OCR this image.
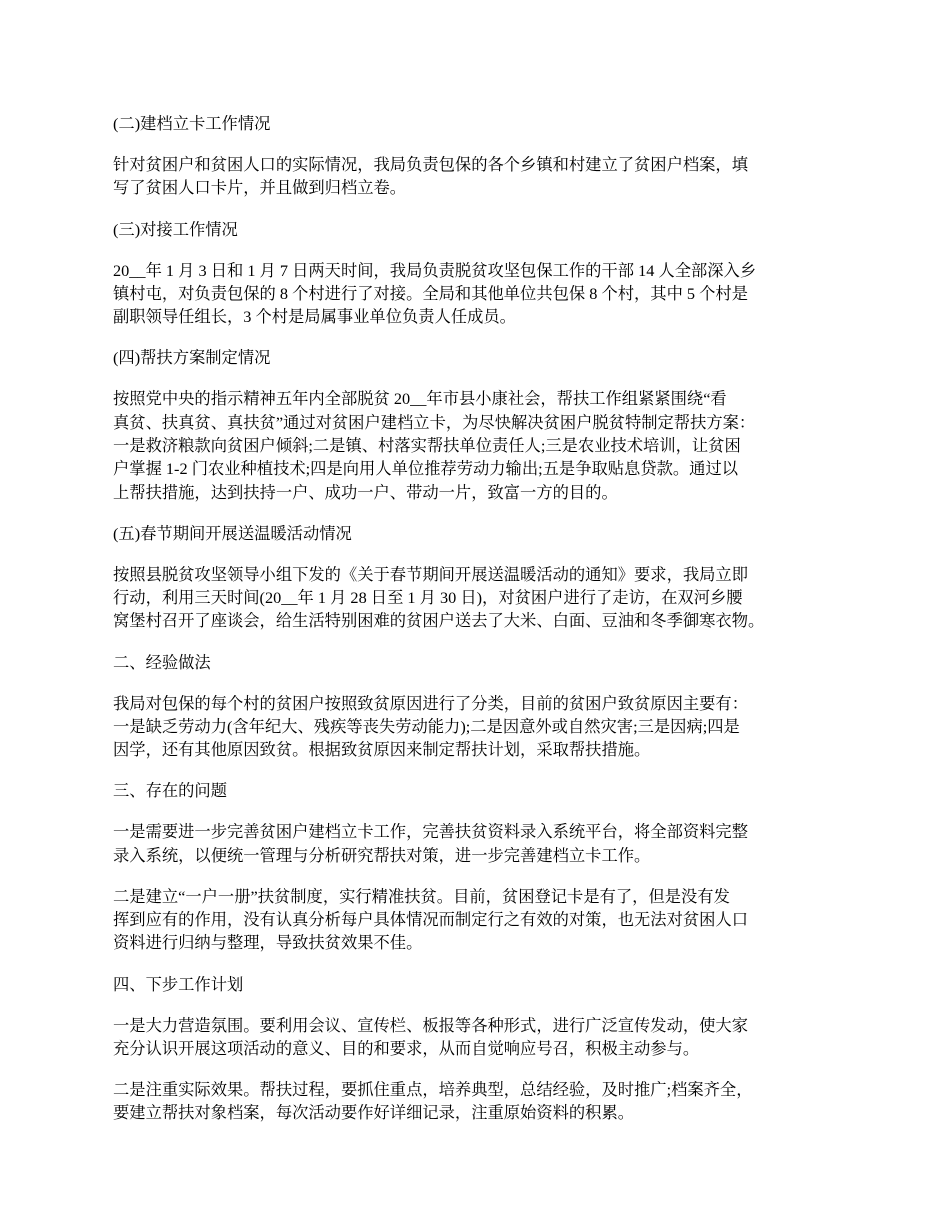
(二)建档立卡工作情况
针对贫困户和贫困人口的实际情况，我局负责包保的各个乡镇和村建立了贫困户档案，填
写了贫困人口卡片，并且做到归档立卷。
(三)对接工作情况
20__年 1 月 3 日和 1 月 7 日两天时间，我局负责脱贫攻坚包保工作的干部 14 人全部深入乡
镇村屯，对负责包保的 8 个村进行了对接。全局和其他单位共包保 8 个村，其中 5 个村是
副职领导任组长，3 个村是局属事业单位负责人任成员。
(四)帮扶方案制定情况
按照党中央的指示精神五年内全部脱贫 20__年市县小康社会，帮扶工作组紧紧围绕“看
真贫、扶真贫、真扶贫”通过对贫困户建档立卡，为尽快解决贫困户脱贫特制定帮扶方案：
一是救济粮款向贫困户倾斜;二是镇、村落实帮扶单位责任人;三是农业技术培训，让贫困
户掌握 1-2 门农业种植技术;四是向用人单位推荐劳动力输出;五是争取贴息贷款。通过以
上帮扶措施，达到扶持一户、成功一户、带动一片，致富一方的目的。
(五)春节期间开展送温暖活动情况
按照县脱贫攻坚领导小组下发的《关于春节期间开展送温暖活动的通知》要求，我局立即
行动，利用三天时间(20__年 1 月 28 日至 1 月 30 日)，对贫困户进行了走访，在双河乡腰
窝堡村召开了座谈会，给生活特别困难的贫困户送去了大米、白面、豆油和冬季御寒衣物。
二、经验做法
我局对包保的每个村的贫困户按照致贫原因进行了分类，目前的贫困户致贫原因主要有：
一是缺乏劳动力(含年纪大、残疾等丧失劳动能力);二是因意外或自然灾害;三是因病;四是
因学，还有其他原因致贫。根据致贫原因来制定帮扶计划，采取帮扶措施。
三、存在的问题
一是需要进一步完善贫困户建档立卡工作，完善扶贫资料录入系统平台，将全部资料完整
录入系统，以便统一管理与分析研究帮扶对策，进一步完善建档立卡工作。
二是建立“一户一册”扶贫制度，实行精准扶贫。目前，贫困登记卡是有了，但是没有发
挥到应有的作用，没有认真分析每户具体情况而制定行之有效的对策，也无法对贫困人口
资料进行归纳与整理，导致扶贫效果不佳。
四、下步工作计划
一是大力营造氛围。要利用会议、宣传栏、板报等各种形式，进行广泛宣传发动，使大家
充分认识开展这项活动的意义、目的和要求，从而自觉响应号召，积极主动参与。
二是注重实际效果。帮扶过程，要抓住重点，培养典型，总结经验，及时推广;档案齐全，
要建立帮扶对象档案，每次活动要作好详细记录，注重原始资料的积累。
